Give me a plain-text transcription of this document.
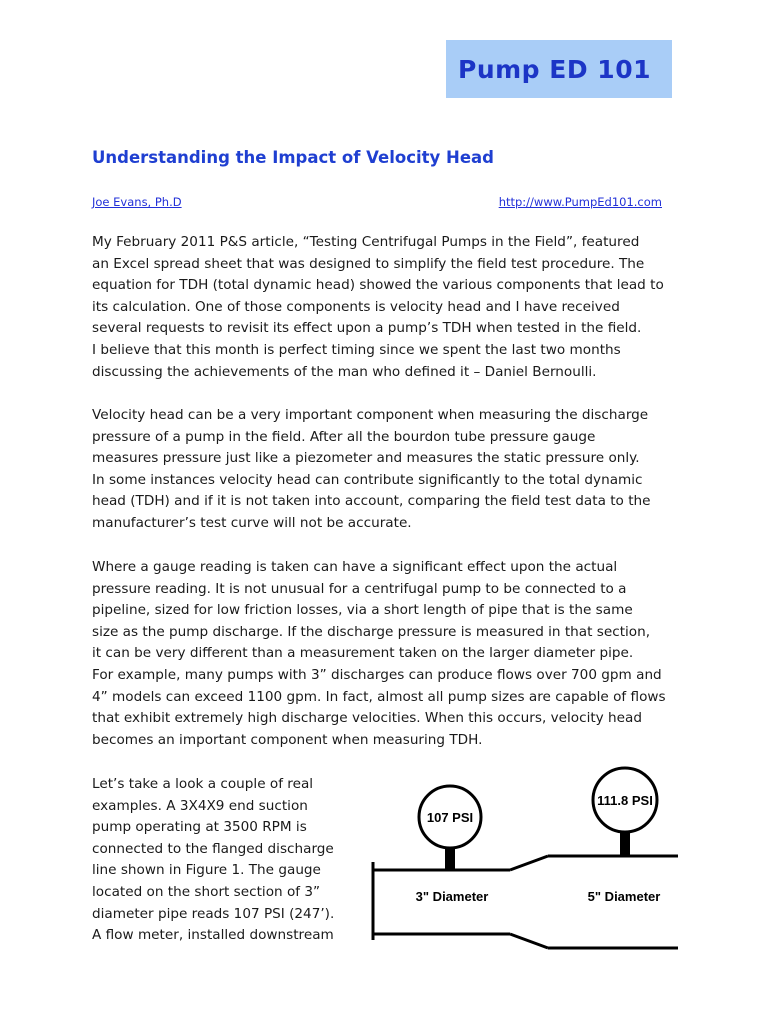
Pump ED 101
Understanding the Impact of Velocity Head
Joe Evans, Ph.D	http://www.PumpEd101.com

My February 2011 P&S article, “Testing Centrifugal Pumps in the Field”, featured
an Excel spread sheet that was designed to simplify the field test procedure. The
equation for TDH (total dynamic head) showed the various components that lead to
its calculation. One of those components is velocity head and I have received
several requests to revisit its effect upon a pump’s TDH when tested in the field.
I believe that this month is perfect timing since we spent the last two months
discussing the achievements of the man who defined it – Daniel Bernoulli.

Velocity head can be a very important component when measuring the discharge
pressure of a pump in the field. After all the bourdon tube pressure gauge
measures pressure just like a piezometer and measures the static pressure only.
In some instances velocity head can contribute significantly to the total dynamic
head (TDH) and if it is not taken into account, comparing the field test data to the
manufacturer’s test curve will not be accurate.

Where a gauge reading is taken can have a significant effect upon the actual
pressure reading. It is not unusual for a centrifugal pump to be connected to a
pipeline, sized for low friction losses, via a short length of pipe that is the same
size as the pump discharge. If the discharge pressure is measured in that section,
it can be very different than a measurement taken on the larger diameter pipe.
For example, many pumps with 3” discharges can produce flows over 700 gpm and
4” models can exceed 1100 gpm. In fact, almost all pump sizes are capable of flows
that exhibit extremely high discharge velocities. When this occurs, velocity head
becomes an important component when measuring TDH.

Let’s take a look a couple of real
examples. A 3X4X9 end suction
pump operating at 3500 RPM is
connected to the flanged discharge
line shown in Figure 1. The gauge
located on the short section of 3”
diameter pipe reads 107 PSI (247’).
A flow meter, installed downstream

107 PSI
111.8 PSI
3" Diameter	5" Diameter
